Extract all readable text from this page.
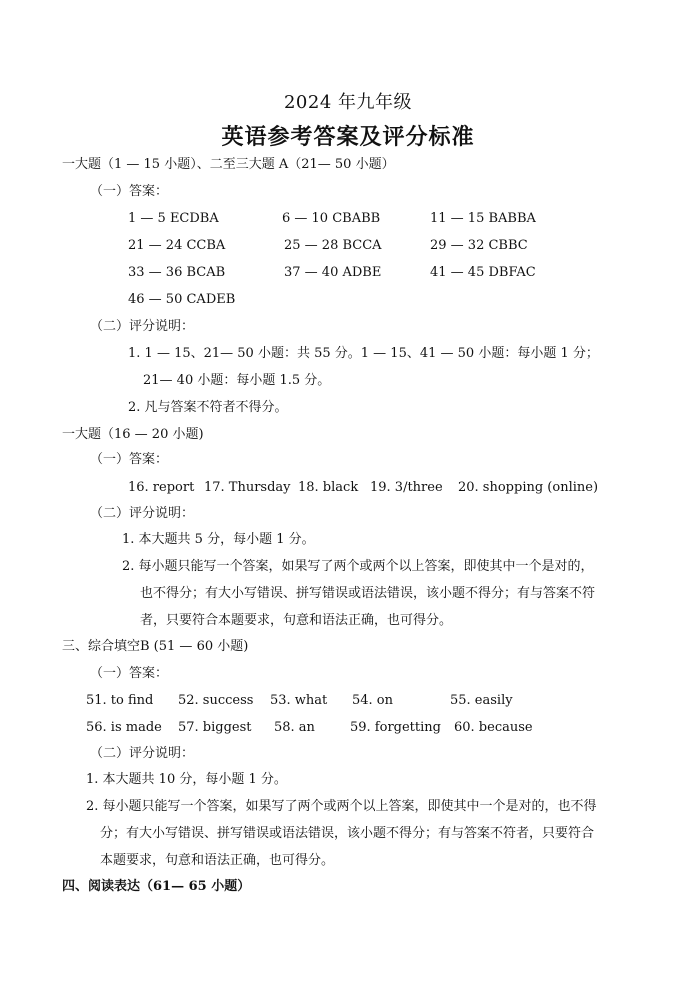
2024 年九年级
英语参考答案及评分标准
一大题（1 — 15 小题）、二至三大题 A（21— 50 小题）
（一）答案：
1 — 5 ECDBA	6 — 10 CBABB	11 — 15 BABBA
21 — 24 CCBA	25 — 28 BCCA	29 — 32 CBBC
33 — 36 BCAB	37 — 40 ADBE	41 — 45 DBFAC
46 — 50 CADEB
（二）评分说明：
1. 1 — 15、21— 50 小题：共 55 分。1 — 15、41 — 50 小题：每小题 1 分；
21— 40 小题：每小题 1.5 分。
2. 凡与答案不符者不得分。
一大题（16 — 20 小题)
（一）答案：
16. report 17. Thursday 18. black 19. 3/three 20. shopping (online)
（二）评分说明：
1. 本大题共 5 分，每小题 1 分。
2. 每小题只能写一个答案，如果写了两个或两个以上答案，即使其中一个是对的，
也不得分；有大小写错误、拼写错误或语法错误，该小题不得分；有与答案不符
者，只要符合本题要求，句意和语法正确，也可得分。
三、综合填空B (51 — 60 小题)
（一）答案：
51. to find 52. success 53. what 54. on	55. easily
56. is made 57. biggest 58. an	59. forgetting 60. because
（二）评分说明：
1. 本大题共 10 分，每小题 1 分。
2. 每小题只能写一个答案，如果写了两个或两个以上答案，即使其中一个是对的，也不得
分；有大小写错误、拼写错误或语法错误，该小题不得分；有与答案不符者，只要符合
本题要求，句意和语法正确，也可得分。
四、阅读表达（61— 65 小题）
